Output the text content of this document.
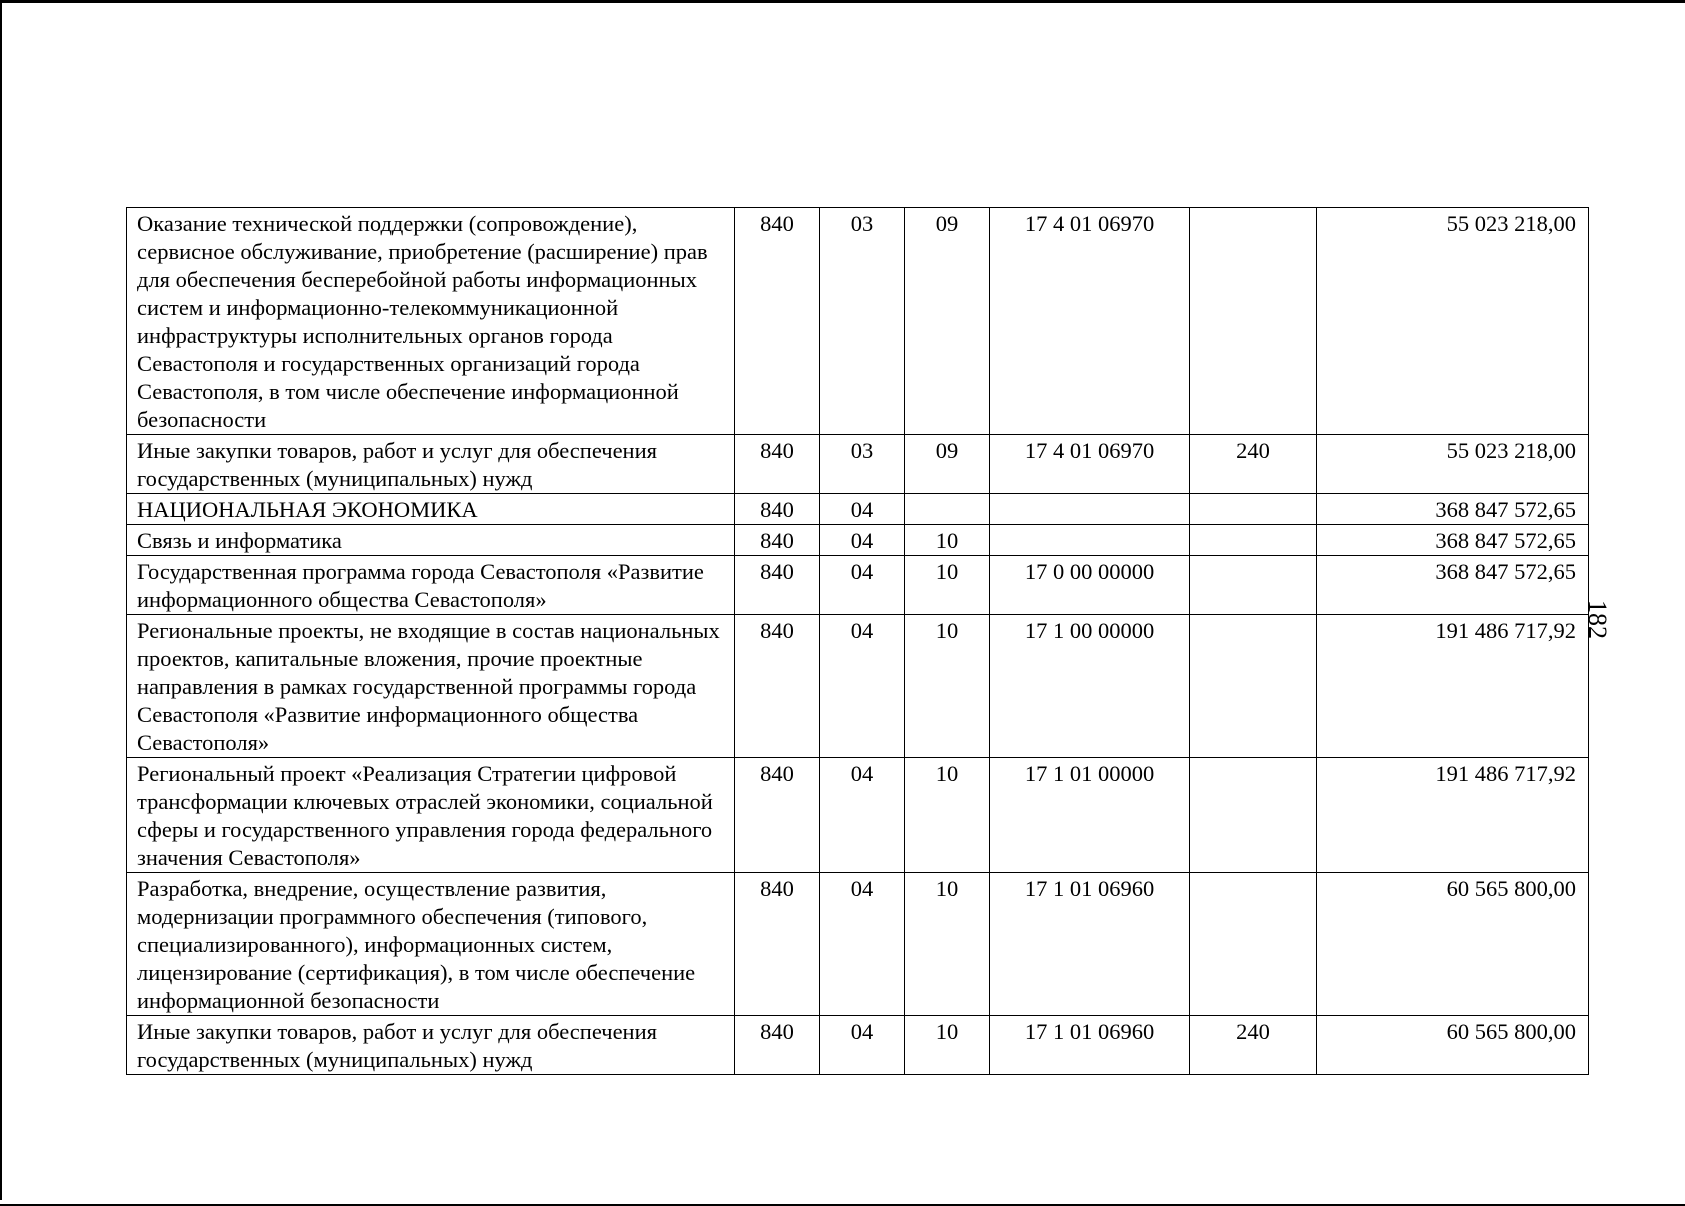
Оказание технической поддержки (сопровождение), сервисное обслуживание, приобретение (расширение) прав для обеспечения бесперебойной работы информационных систем и информационно-телекоммуникационной инфраструктуры исполнительных органов города Севастополя и государственных организаций города Севастополя, в том числе обеспечение информационной безопасности	840	03	09	17 4 01 06970		55 023 218,00
Иные закупки товаров, работ и услуг для обеспечения государственных (муниципальных) нужд	840	03	09	17 4 01 06970	240	55 023 218,00
НАЦИОНАЛЬНАЯ ЭКОНОМИКА	840	04				368 847 572,65
Связь и информатика	840	04	10			368 847 572,65
Государственная программа города Севастополя «Развитие информационного общества Севастополя»	840	04	10	17 0 00 00000		368 847 572,65
Региональные проекты, не входящие в состав национальных проектов, капитальные вложения, прочие проектные направления в рамках государственной программы города Севастополя «Развитие информационного общества Севастополя»	840	04	10	17 1 00 00000		191 486 717,92
Региональный проект «Реализация Стратегии цифровой трансформации ключевых отраслей экономики, социальной сферы и государственного управления города федерального значения Севастополя»	840	04	10	17 1 01 00000		191 486 717,92
Разработка, внедрение, осуществление развития, модернизации программного обеспечения (типового, специализированного), информационных систем, лицензирование (сертификация), в том числе обеспечение информационной безопасности	840	04	10	17 1 01 06960		60 565 800,00
Иные закупки товаров, работ и услуг для обеспечения государственных (муниципальных) нужд	840	04	10	17 1 01 06960	240	60 565 800,00
182
